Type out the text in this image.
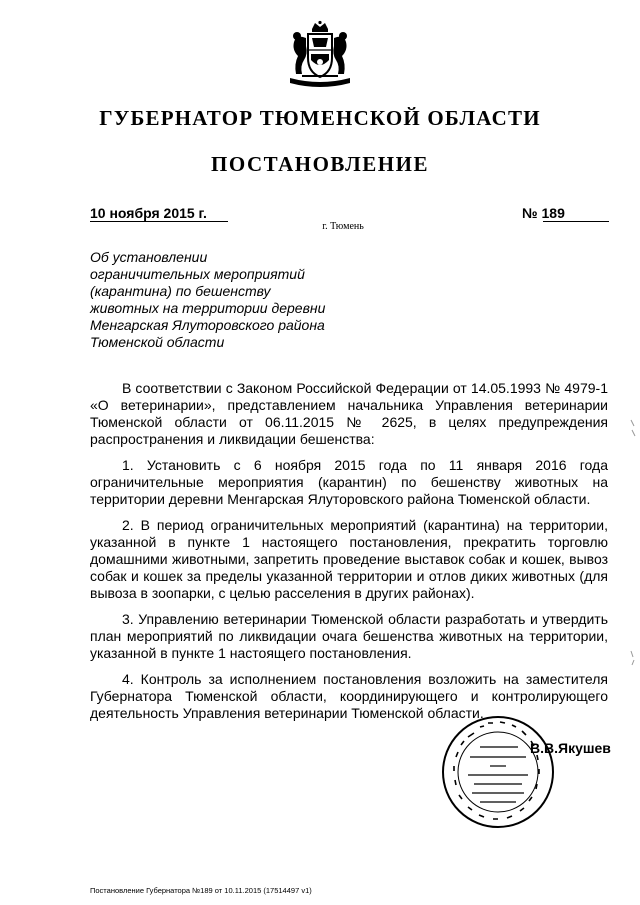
ГУБЕРНАТОР ТЮМЕНСКОЙ ОБЛАСТИ
ПОСТАНОВЛЕНИЕ
10 ноября 2015 г.	№ 189
г. Тюмень
Об установлении
ограничительных мероприятий
(карантина) по бешенству
животных на территории деревни
Менгарская Ялуторовского района
Тюменской области

В соответствии с Законом Российской Федерации от 14.05.1993 № 4979-1 «О ветеринарии», представлением начальника Управления ветеринарии Тюменской области от 06.11.2015 № 2625, в целях предупреждения распространения и ликвидации бешенства:

1. Установить с 6 ноября 2015 года по 11 января 2016 года ограничительные мероприятия (карантин) по бешенству животных на территории деревни Менгарская Ялуторовского района Тюменской области.

2. В период ограничительных мероприятий (карантина) на территории, указанной в пункте 1 настоящего постановления, прекратить торговлю домашними животными, запретить проведение выставок собак и кошек, вывоз собак и кошек за пределы указанной территории и отлов диких животных (для вывоза в зоопарки, с целью расселения в других районах).

3. Управлению ветеринарии Тюменской области разработать и утвердить план мероприятий по ликвидации очага бешенства животных на территории, указанной в пункте 1 настоящего постановления.

4. Контроль за исполнением постановления возложить на заместителя Губернатора Тюменской области, координирующего и контролирующего деятельность Управления ветеринарии Тюменской области.

В.В.Якушев
Постановление Губернатора №189 от 10.11.2015 (17514497 v1)
